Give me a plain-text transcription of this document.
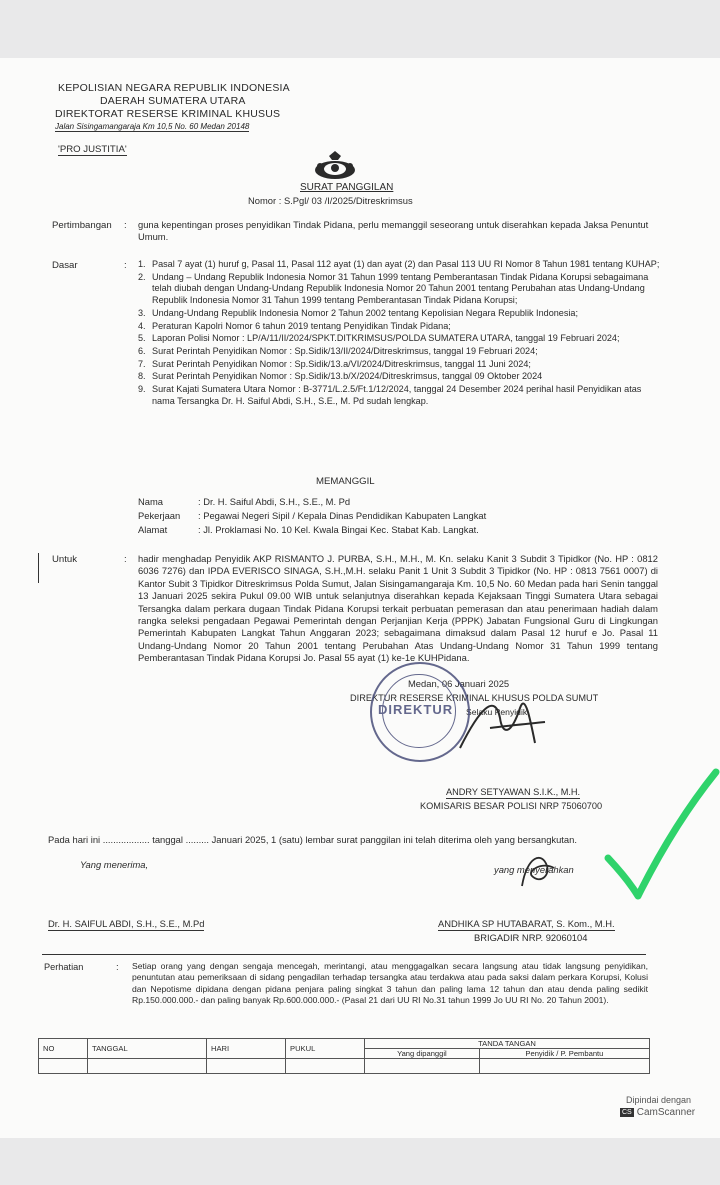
KEPOLISIAN NEGARA REPUBLIK INDONESIA
DAERAH SUMATERA UTARA
DIREKTORAT RESERSE KRIMINAL KHUSUS
Jalan Sisingamangaraja Km 10,5 No. 60 Medan 20148
'PRO JUSTITIA'
SURAT PANGGILAN
Nomor : S.Pgl/ 03 /I/2025/Ditreskrimsus
Pertimbangan : guna kepentingan proses penyidikan Tindak Pidana, perlu memanggil seseorang untuk diserahkan kepada Jaksa Penuntut Umum.
Dasar	: 1. Pasal 7 ayat (1) huruf g, Pasal 11, Pasal 112 ayat (1) dan ayat (2) dan Pasal 113 UU RI Nomor 8 Tahun 1981 tentang KUHAP;
2. Undang – Undang Republik Indonesia Nomor 31 Tahun 1999 tentang Pemberantasan Tindak Pidana Korupsi sebagaimana telah diubah dengan Undang-Undang Republik Indonesia Nomor 20 Tahun 2001 tentang Perubahan atas Undang-Undang Republik Indonesia Nomor 31 Tahun 1999 tentang Pemberantasan Tindak Pidana Korupsi;
3. Undang-Undang Republik Indonesia Nomor 2 Tahun 2002 tentang Kepolisian Negara Republik Indonesia;
4. Peraturan Kapolri Nomor 6 tahun 2019 tentang Penyidikan Tindak Pidana;
5. Laporan Polisi Nomor : LP/A/11/II/2024/SPKT.DITKRIMSUS/POLDA SUMATERA UTARA, tanggal 19 Februari 2024;
6. Surat Perintah Penyidikan Nomor : Sp.Sidik/13/II/2024/Ditreskrimsus, tanggal 19 Februari 2024;
7. Surat Perintah Penyidikan Nomor : Sp.Sidik/13.a/VI/2024/Ditreskrimsus, tanggal 11 Juni 2024;
8. Surat Perintah Penyidikan Nomor : Sp.Sidik/13.b/X/2024/Ditreskrimsus, tanggal 09 Oktober 2024
9. Surat Kajati Sumatera Utara Nomor : B-3771/L.2.5/Ft.1/12/2024, tanggal 24 Desember 2024 perihal hasil Penyidikan atas nama Tersangka Dr. H. Saiful Abdi, S.H., S.E., M. Pd sudah lengkap.
MEMANGGIL
Nama	: Dr. H. Saiful Abdi, S.H., S.E., M. Pd
Pekerjaan : Pegawai Negeri Sipil / Kepala Dinas Pendidikan Kabupaten Langkat
Alamat	: Jl. Proklamasi No. 10 Kel. Kwala Bingai Kec. Stabat Kab. Langkat.
Untuk	: hadir menghadap Penyidik AKP RISMANTO J. PURBA, S.H., M.H., M. Kn. selaku Kanit 3 Subdit 3 Tipidkor (No. HP : 0812 6036 7276) dan IPDA EVERISCO SINAGA, S.H.,M.H. selaku Panit 1 Unit 3 Subdit 3 Tipidkor (No. HP : 0813 7561 0007) di Kantor Subit 3 Tipidkor Ditreskrimsus Polda Sumut, Jalan Sisingamangaraja Km. 10,5 No. 60 Medan pada hari Senin tanggal 13 Januari 2025 sekira Pukul 09.00 WIB untuk selanjutnya diserahkan kepada Kejaksaan Tinggi Sumatera Utara sebagai Tersangka dalam perkara dugaan Tindak Pidana Korupsi terkait perbuatan pemerasan dan atau penerimaan hadiah dalam rangka seleksi pengadaan Pegawai Pemerintah dengan Perjanjian Kerja (PPPK) Jabatan Fungsional Guru di Lingkungan Pemerintah Kabupaten Langkat Tahun Anggaran 2023; sebagaimana dimaksud dalam Pasal 12 huruf e Jo. Pasal 11 Undang-Undang Nomor 20 Tahun 2001 tentang Perubahan Atas Undang-Undang Nomor 31 Tahun 1999 tentang Pemberantasan Tindak Pidana Korupsi Jo. Pasal 55 ayat (1) ke-1e KUHPidana.
Medan, 06 Januari 2025
DIREKTUR RESERSE KRIMINAL KHUSUS POLDA SUMUT
Selaku Penyidik
DIREKTUR
ANDRY SETYAWAN S.I.K., M.H.
KOMISARIS BESAR POLISI NRP 75060700
Pada hari ini .................. tanggal ......... Januari 2025, 1 (satu) lembar surat panggilan ini telah diterima oleh yang bersangkutan.
Yang menerima,	yang menyerahkan
Dr. H. SAIFUL ABDI, S.H., S.E., M.Pd	ANDHIKA SP HUTABARAT, S. Kom., M.H.
BRIGADIR NRP. 92060104
Perhatian	: Setiap orang yang dengan sengaja mencegah, merintangi, atau menggagalkan secara langsung atau tidak langsung penyidikan, penuntutan atau pemeriksaan di sidang pengadilan terhadap tersangka atau terdakwa atau pada saksi dalam perkara Korupsi, Kolusi dan Nepotisme dipidana dengan pidana penjara paling singkat 3 tahun dan paling lama 12 tahun dan atau denda paling sedikit Rp.150.000.000.- dan paling banyak Rp.600.000.000.- (Pasal 21 dari UU RI No.31 tahun 1999 Jo UU RI No. 20 Tahun 2001).
NO	TANGGAL	HARI	PUKUL	TANDA TANGAN	
				Yang dipanggil	Penyidik / P. Pembantu

Dipindai dengan
CS CamScanner
